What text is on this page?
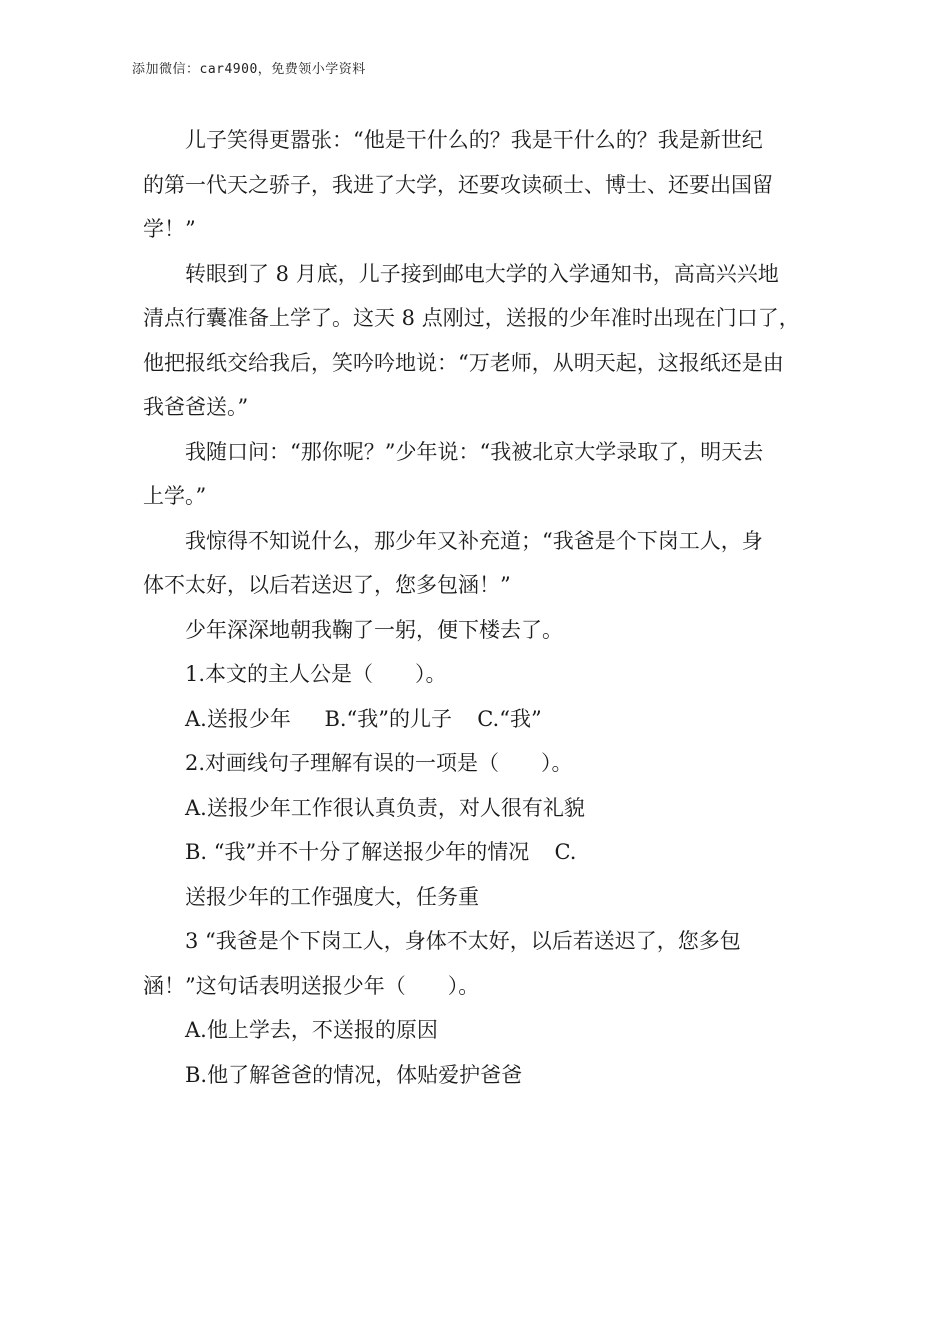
添加微信：car4900，免费领小学资料

儿子笑得更嚣张：“他是干什么的？我是干什么的？我是新世纪

的第一代天之骄子，我进了大学，还要攻读硕士、博士、还要出国留

学！”

转眼到了 8 月底，儿子接到邮电大学的入学通知书，高高兴兴地

清点行囊准备上学了。这天 8 点刚过，送报的少年准时出现在门口了，

他把报纸交给我后，笑吟吟地说：“万老师，从明天起，这报纸还是由

我爸爸送。”

我随口问：“那你呢？”少年说：“我被北京大学录取了，明天去

上学。”

我惊得不知说什么，那少年又补充道；“我爸是个下岗工人，身

体不太好，以后若送迟了，您多包涵！”

少年深深地朝我鞠了一躬，便下楼去了。

1.本文的主人公是（　　）。

A.送报少年 B.“我”的儿子 C.“我”

2.对画线句子理解有误的一项是（　　）。

A.送报少年工作很认真负责，对人很有礼貌

B. “我”并不十分了解送报少年的情况 C.

送报少年的工作强度大，任务重

3 “我爸是个下岗工人，身体不太好，以后若送迟了，您多包

涵！”这句话表明送报少年（　　）。

A.他上学去，不送报的原因

B.他了解爸爸的情况，体贴爱护爸爸
